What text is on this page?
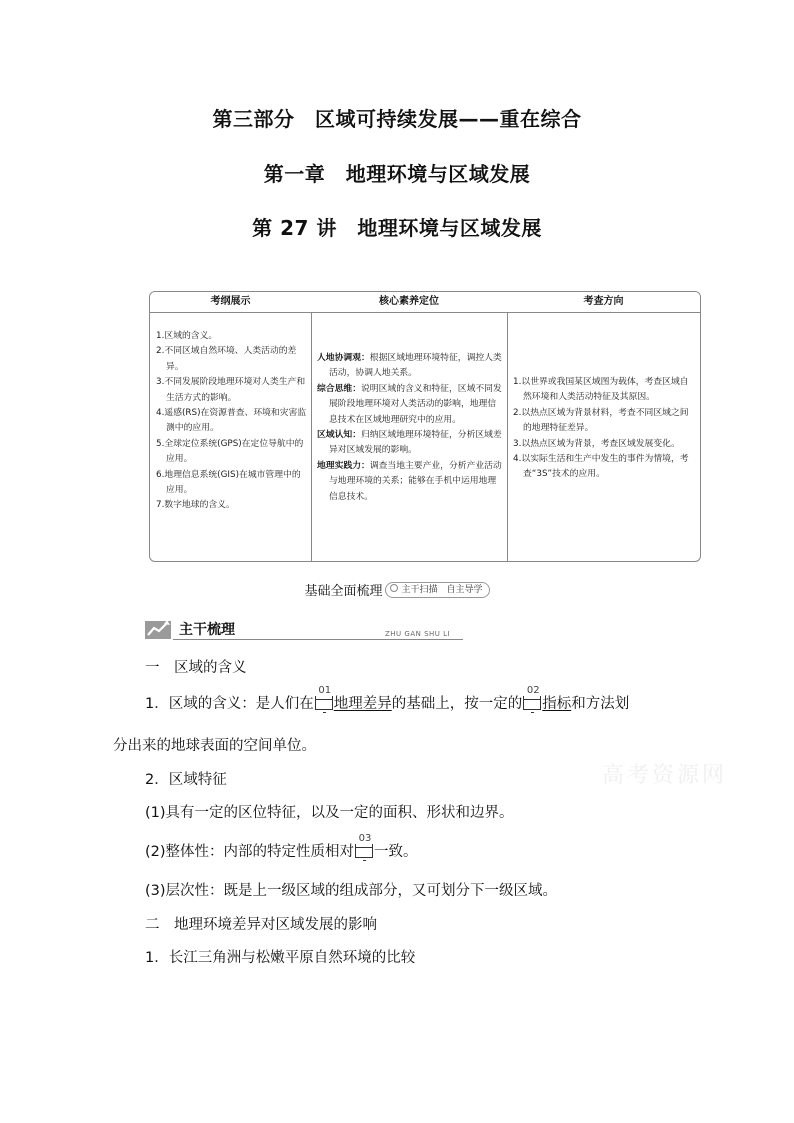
第三部分　区域可持续发展——重在综合
第一章　地理环境与区域发展
第 27 讲　地理环境与区域发展
考纲展示

1.区域的含义。

2.不同区域自然环境、人类活动的差异。

3.不同发展阶段地理环境对人类生产和生活方式的影响。

4.遥感(RS)在资源普查、环境和灾害监测中的应用。

5.全球定位系统(GPS)在定位导航中的应用。

6.地理信息系统(GIS)在城市管理中的应用。

7.数字地球的含义。

核心素养定位

人地协调观：根据区域地理环境特征，调控人类活动，协调人地关系。

综合思维：说明区域的含义和特征，区域不同发展阶段地理环境对人类活动的影响，地理信息技术在区域地理研究中的应用。

区域认知：归纳区域地理环境特征，分析区域差异对区域发展的影响。

地理实践力：调查当地主要产业，分析产业活动与地理环境的关系；能够在手机中运用地理信息技术。

考查方向

1.以世界或我国某区域图为载体，考查区域自然环境和人类活动特征及其原因。

2.以热点区域为背景材料，考查不同区域之间的地理特征差异。

3.以热点区域为背景，考查区域发展变化。

4.以实际生活和生产中发生的事件为情境，考查“3S”技术的应用。

基础全面梳理 主干扫描　自主导学
主干梳理	ZHU GAN SHU LI
一　区域的含义
1．区域的含义：是人们在
01
地理差异的基础上，按一定的
02
指标和方法划
分出来的地球表面的空间单位。
2．区域特征
(1)具有一定的区位特征，以及一定的面积、形状和边界。
(2)整体性：内部的特定性质相对
03
一致。
(3)层次性：既是上一级区域的组成部分，又可划分下一级区域。
二　地理环境差异对区域发展的影响
1．长江三角洲与松嫩平原自然环境的比较
高考资源网
